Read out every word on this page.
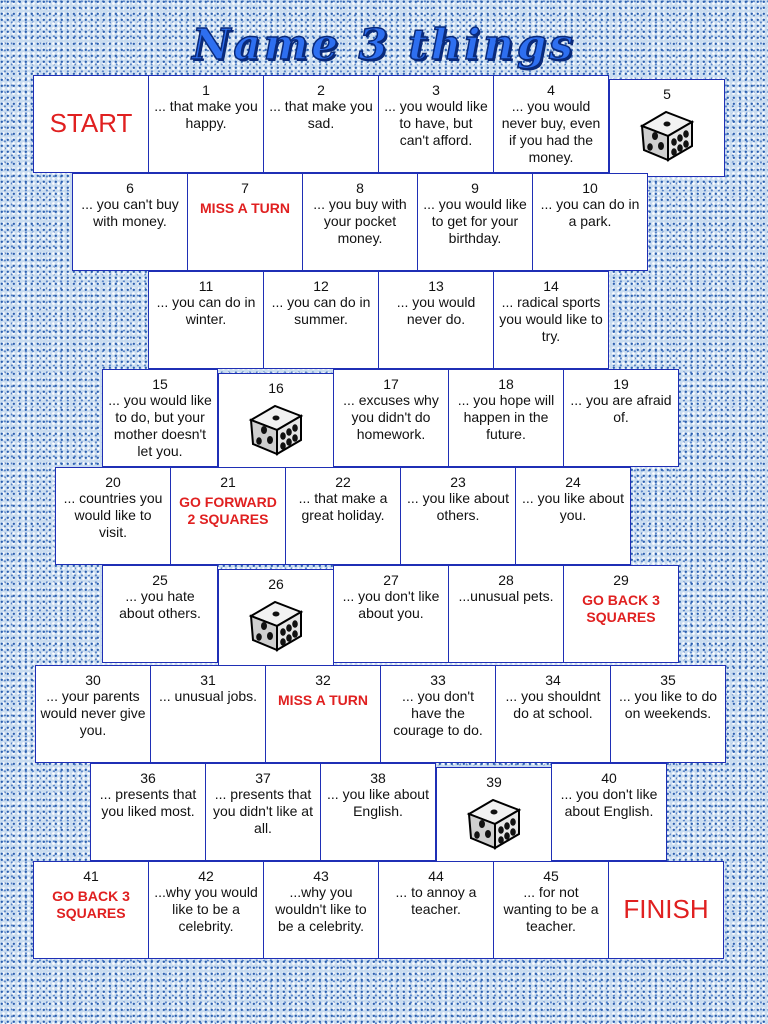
Name 3 things
START
1
... that make you happy.
2
... that make you sad.
3
... you would like to have, but can't afford.
4
... you would never buy, even if you had the money.
5
6
... you can't buy with money.
7
MISS A TURN
8
... you buy with your pocket money.
9
... you would like to get for your birthday.
10
... you can do in a park.
11
... you can do in winter.
12
... you can do in summer.
13
... you would never do.
14
... radical sports you would like to try.
15
... you would like to do, but your mother doesn't let you.
16	17
... excuses why you didn't do homework.
18
... you hope will happen in the future.
19
... you are afraid of.
20
... countries you would like to visit.
21
GO FORWARD 2 SQUARES
22
... that make a great holiday.
23
... you like about others.
24
... you like about you.
25
... you hate about others.
26	27
... you don't like about you.
28
...unusual pets.
29
GO BACK 3 SQUARES
30
... your parents would never give you.
31
... unusual jobs.
32
MISS A TURN
33
... you don't have the courage to do.
34
... you shouldnt do at school.
35
... you like to do on weekends.
36
... presents that you liked most.
37
... presents that you didn't like at all.
38
... you like about English.
39	40
... you don't like about English.
41
GO BACK 3 SQUARES
42
...why you would like to be a celebrity.
43
...why you wouldn't like to be a celebrity.
44
... to annoy a teacher.
45
... for not wanting to be a teacher.
FINISH
